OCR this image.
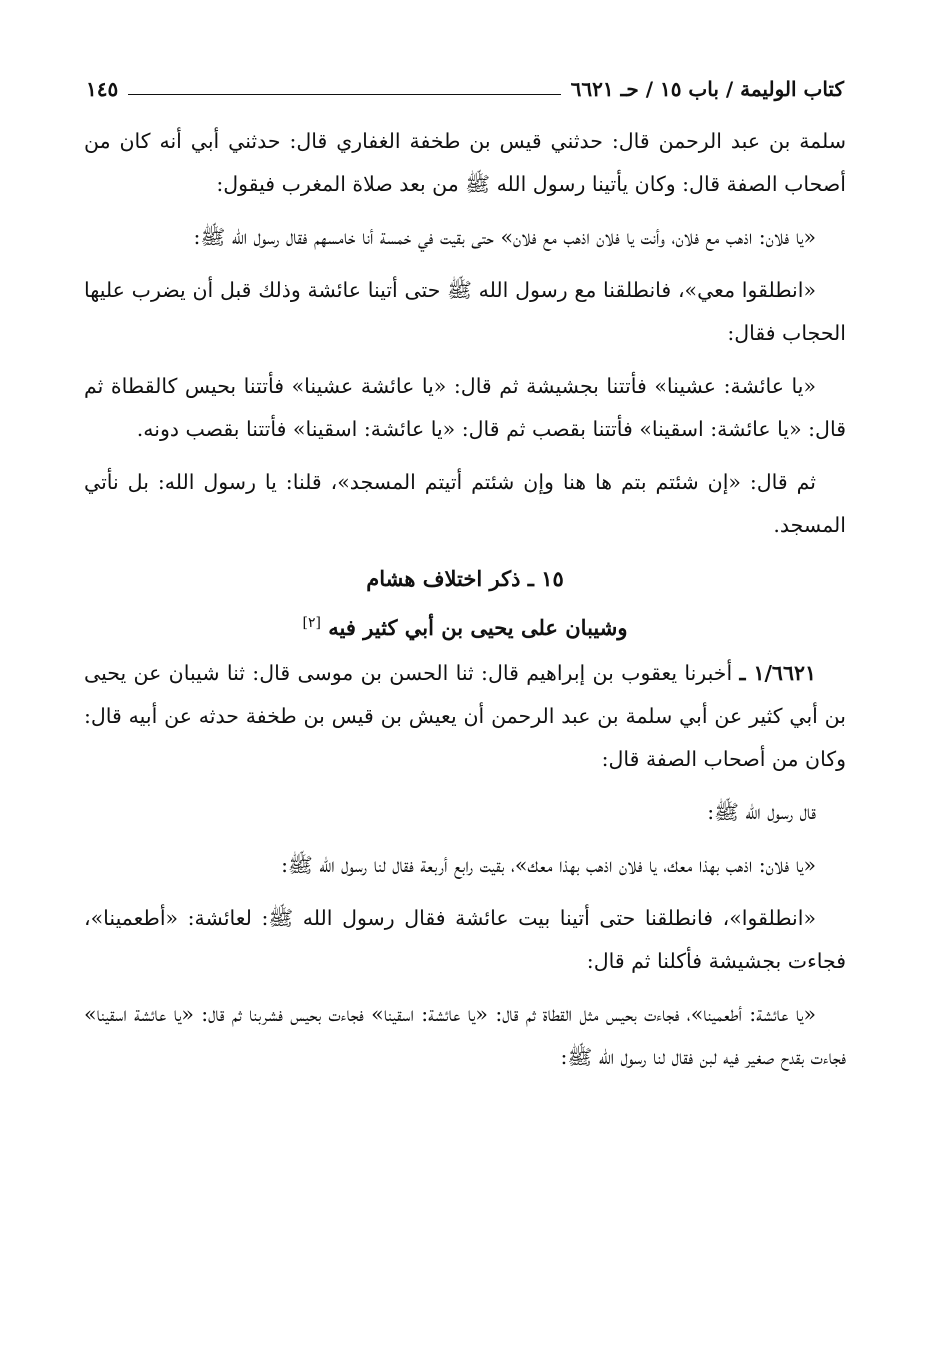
كتاب الوليمة / باب ١٥ / حـ ٦٦٢١
١٤٥

سلمة بن عبد الرحمن قال: حدثني قيس بن طخفة الغفاري قال: حدثني أبي أنه كان من أصحاب الصفة قال: وكان يأتينا رسول الله ﷺ من بعد صلاة المغرب فيقول:

«يا فلان: اذهب مع فلان، وأنت يا فلان اذهب مع فلان» حتى بقيت في خمسة أنا خامسهم فقال رسول الله ﷺ:

«انطلقوا معي»، فانطلقنا مع رسول الله ﷺ حتى أتينا عائشة وذلك قبل أن يضرب عليها الحجاب فقال:

«يا عائشة: عشينا» فأتتنا بجشيشة ثم قال: «يا عائشة عشينا» فأتتنا بحيس كالقطاة ثم قال: «يا عائشة: اسقينا» فأتتنا بقصب ثم قال: «يا عائشة: اسقينا» فأتتنا بقصب دونه.

ثم قال: «إن شئتم بتم ها هنا وإن شئتم أتيتم المسجد»، قلنا: يا رسول الله: بل نأتي المسجد.

١٥ ـ ذكر اختلاف هشام
وشيبان على يحيى بن أبي كثير فيه [٢]

١/٦٦٢١ ـ أخبرنا يعقوب بن إبراهيم قال: ثنا الحسن بن موسى قال: ثنا شيبان عن يحيى بن أبي كثير عن أبي سلمة بن عبد الرحمن أن يعيش بن قيس بن طخفة حدثه عن أبيه قال: وكان من أصحاب الصفة قال:

قال رسول الله ﷺ:

«يا فلان: اذهب بهذا معك، يا فلان اذهب بهذا معك»، بقيت رابع أربعة فقال لنا رسول الله ﷺ:

«انطلقوا»، فانطلقنا حتى أتينا بيت عائشة فقال رسول الله ﷺ: لعائشة: «أطعمينا»، فجاءت بجشيشة فأكلنا ثم قال:

«يا عائشة: أطعمينا»، فجاءت بحيس مثل القطاة ثم قال: «يا عائشة: اسقينا» فجاءت بحيس فشربنا ثم قال: «يا عائشة اسقينا» فجاءت بقدح صغير فيه لبن فقال لنا رسول الله ﷺ:
